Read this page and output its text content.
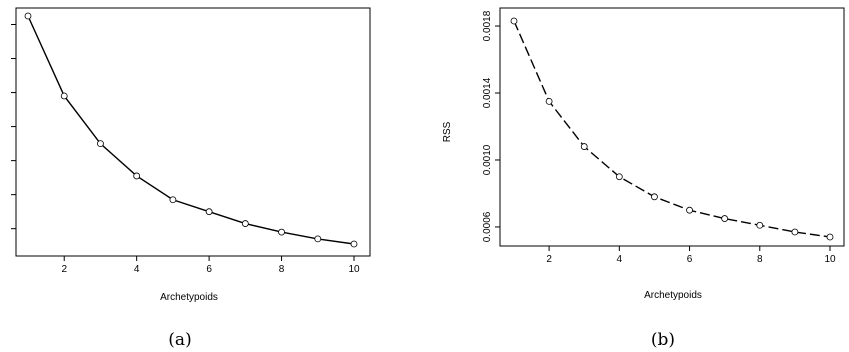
2	4	6	8	10
Archetypoids
(a)
0.0006
0.0010
0.0014
0.0018
2	4	6	8	10
RSS
Archetypoids
(b)
